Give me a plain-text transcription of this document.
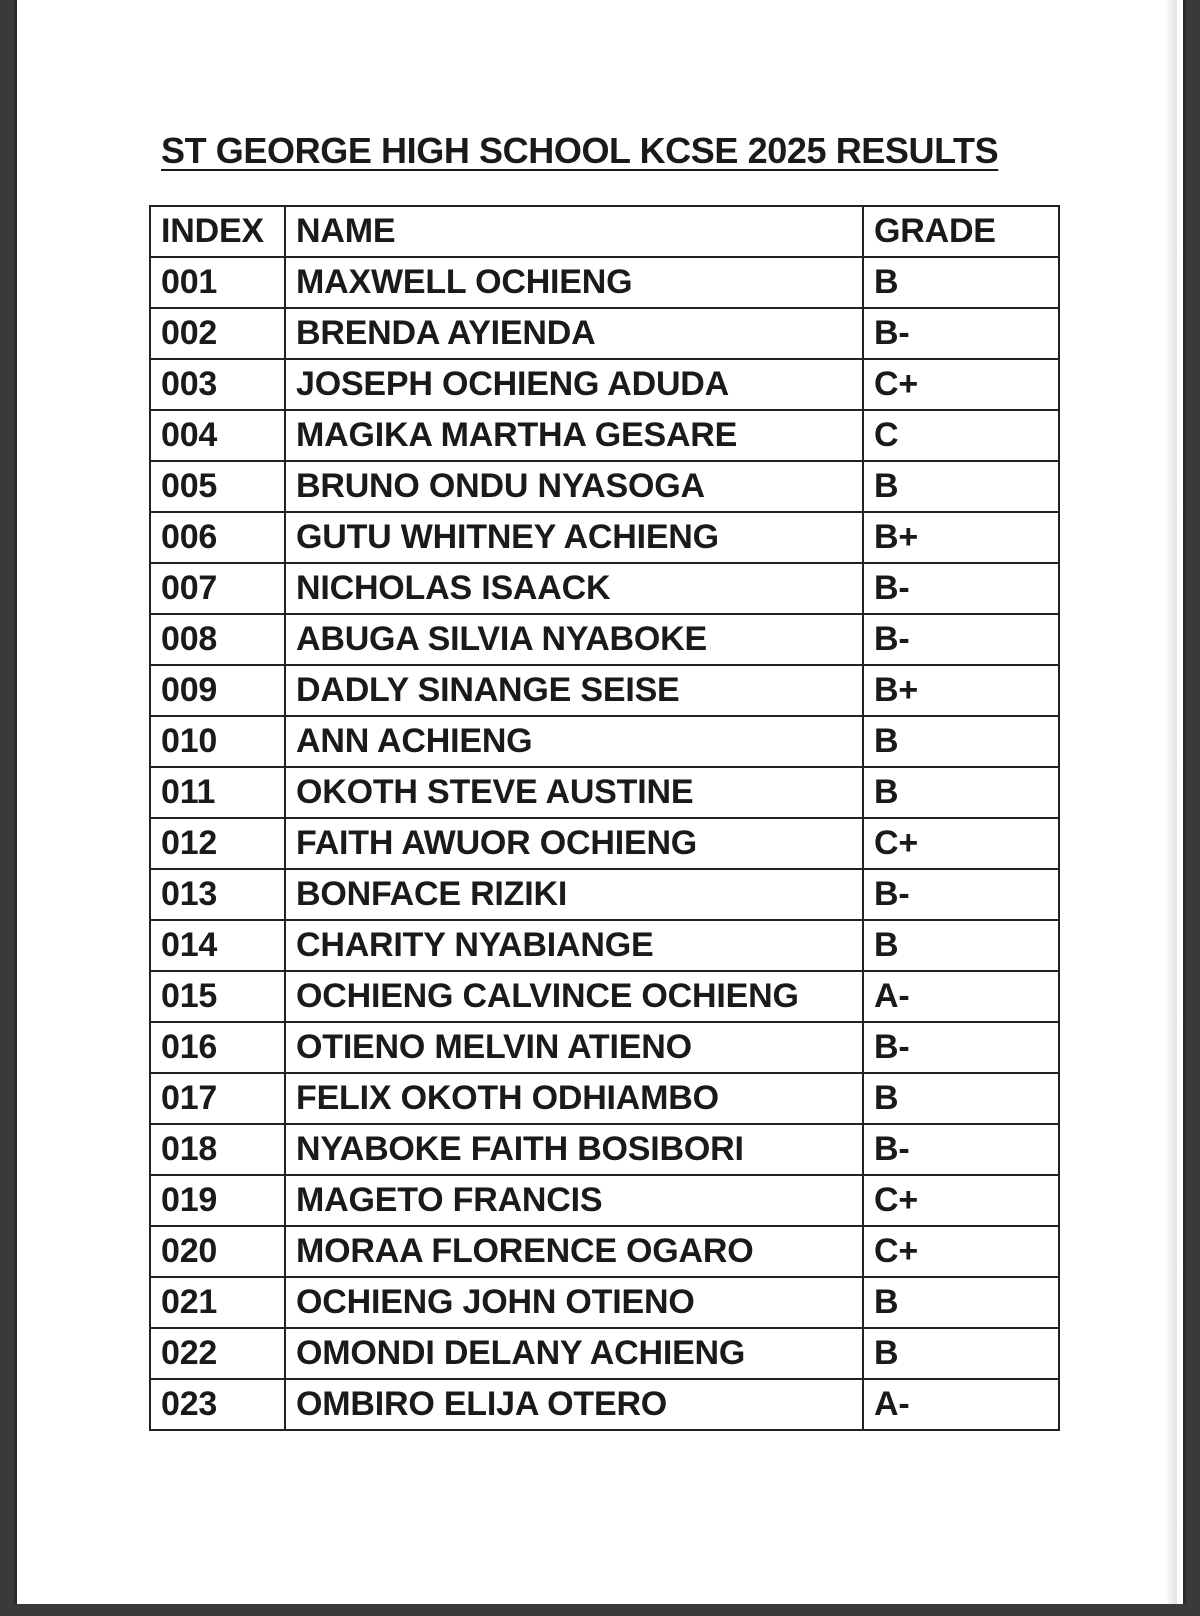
ST GEORGE HIGH SCHOOL KCSE 2025 RESULTS
INDEX	NAME	GRADE
001	MAXWELL OCHIENG	B
002	BRENDA AYIENDA	B-
003	JOSEPH OCHIENG ADUDA	C+
004	MAGIKA MARTHA GESARE	C
005	BRUNO ONDU NYASOGA	B
006	GUTU WHITNEY ACHIENG	B+
007	NICHOLAS ISAACK	B-
008	ABUGA SILVIA NYABOKE	B-
009	DADLY SINANGE SEISE	B+
010	ANN ACHIENG	B
011	OKOTH STEVE AUSTINE	B
012	FAITH AWUOR OCHIENG	C+
013	BONFACE RIZIKI	B-
014	CHARITY NYABIANGE	B
015	OCHIENG CALVINCE OCHIENG	A-
016	OTIENO MELVIN ATIENO	B-
017	FELIX OKOTH ODHIAMBO	B
018	NYABOKE FAITH BOSIBORI	B-
019	MAGETO FRANCIS	C+
020	MORAA FLORENCE OGARO	C+
021	OCHIENG JOHN OTIENO	B
022	OMONDI DELANY ACHIENG	B
023	OMBIRO ELIJA OTERO	A-
